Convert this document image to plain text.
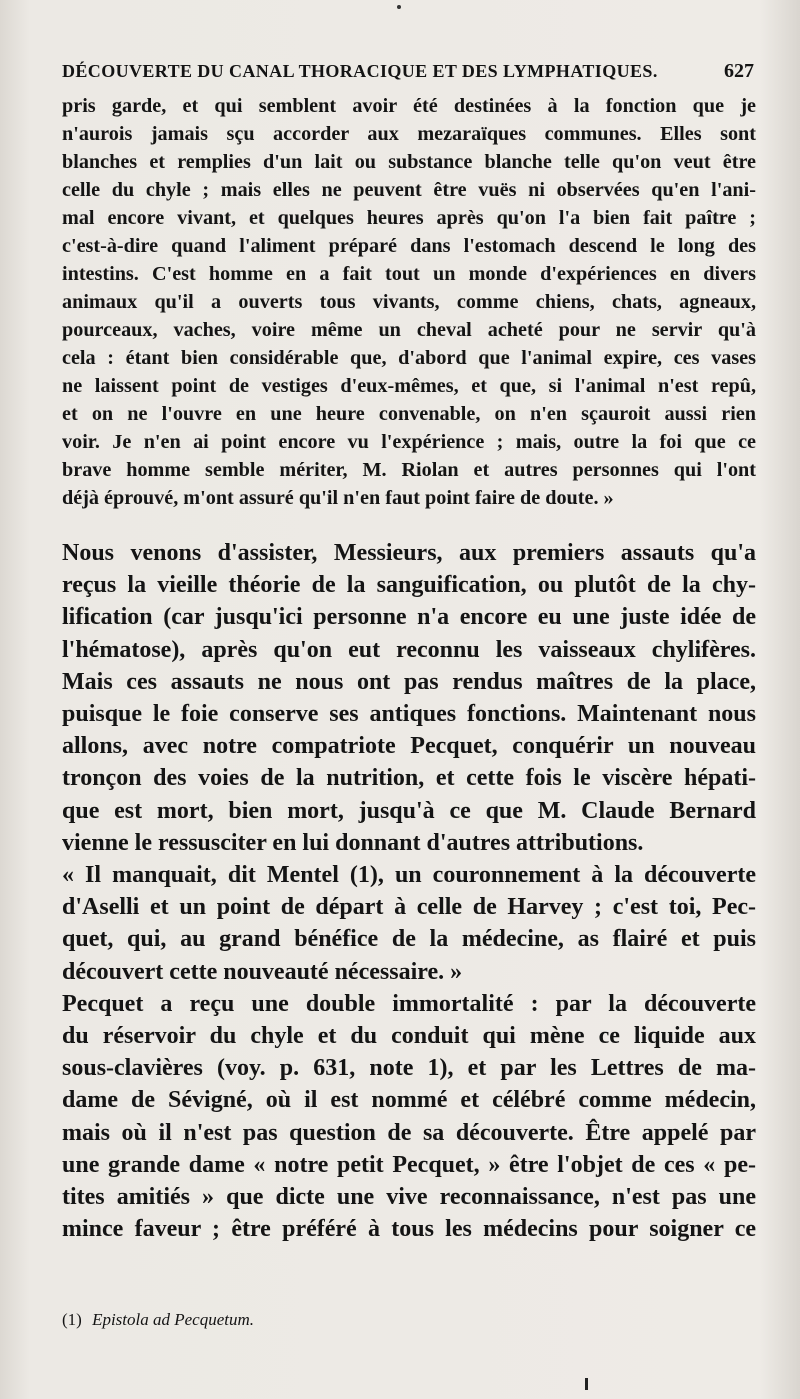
DÉCOUVERTE DU CANAL THORACIQUE ET DES LYMPHATIQUES.	627
pris garde, et qui semblent avoir été destinées à la fonction que je
n'aurois jamais sçu accorder aux mezaraïques communes. Elles sont
blanches et remplies d'un lait ou substance blanche telle qu'on veut être
celle du chyle ; mais elles ne peuvent être vuës ni observées qu'en l'ani-
mal encore vivant, et quelques heures après qu'on l'a bien fait paître ;
c'est-à-dire quand l'aliment préparé dans l'estomach descend le long des
intestins. C'est homme en a fait tout un monde d'expériences en divers
animaux qu'il a ouverts tous vivants, comme chiens, chats, agneaux,
pourceaux, vaches, voire même un cheval acheté pour ne servir qu'à
cela : étant bien considérable que, d'abord que l'animal expire, ces vases
ne laissent point de vestiges d'eux-mêmes, et que, si l'animal n'est repû,
et on ne l'ouvre en une heure convenable, on n'en sçauroit aussi rien
voir. Je n'en ai point encore vu l'expérience ; mais, outre la foi que ce
brave homme semble mériter, M. Riolan et autres personnes qui l'ont
déjà éprouvé, m'ont assuré qu'il n'en faut point faire de doute. »
Nous venons d'assister, Messieurs, aux premiers assauts qu'a
reçus la vieille théorie de la sanguification, ou plutôt de la chy-
lification (car jusqu'ici personne n'a encore eu une juste idée de
l'hématose), après qu'on eut reconnu les vaisseaux chylifères.
Mais ces assauts ne nous ont pas rendus maîtres de la place,
puisque le foie conserve ses antiques fonctions. Maintenant nous
allons, avec notre compatriote Pecquet, conquérir un nouveau
tronçon des voies de la nutrition, et cette fois le viscère hépati-
que est mort, bien mort, jusqu'à ce que M. Claude Bernard
vienne le ressusciter en lui donnant d'autres attributions.
« Il manquait, dit Mentel (1), un couronnement à la découverte
d'Aselli et un point de départ à celle de Harvey ; c'est toi, Pec-
quet, qui, au grand bénéfice de la médecine, as flairé et puis
découvert cette nouveauté nécessaire. »
Pecquet a reçu une double immortalité : par la découverte
du réservoir du chyle et du conduit qui mène ce liquide aux
sous-clavières (voy. p. 631, note 1), et par les Lettres de ma-
dame de Sévigné, où il est nommé et célébré comme médecin,
mais où il n'est pas question de sa découverte. Être appelé par
une grande dame « notre petit Pecquet, » être l'objet de ces « pe-
tites amitiés » que dicte une vive reconnaissance, n'est pas une
mince faveur ; être préféré à tous les médecins pour soigner ce
(1) Epistola ad Pecquetum.
